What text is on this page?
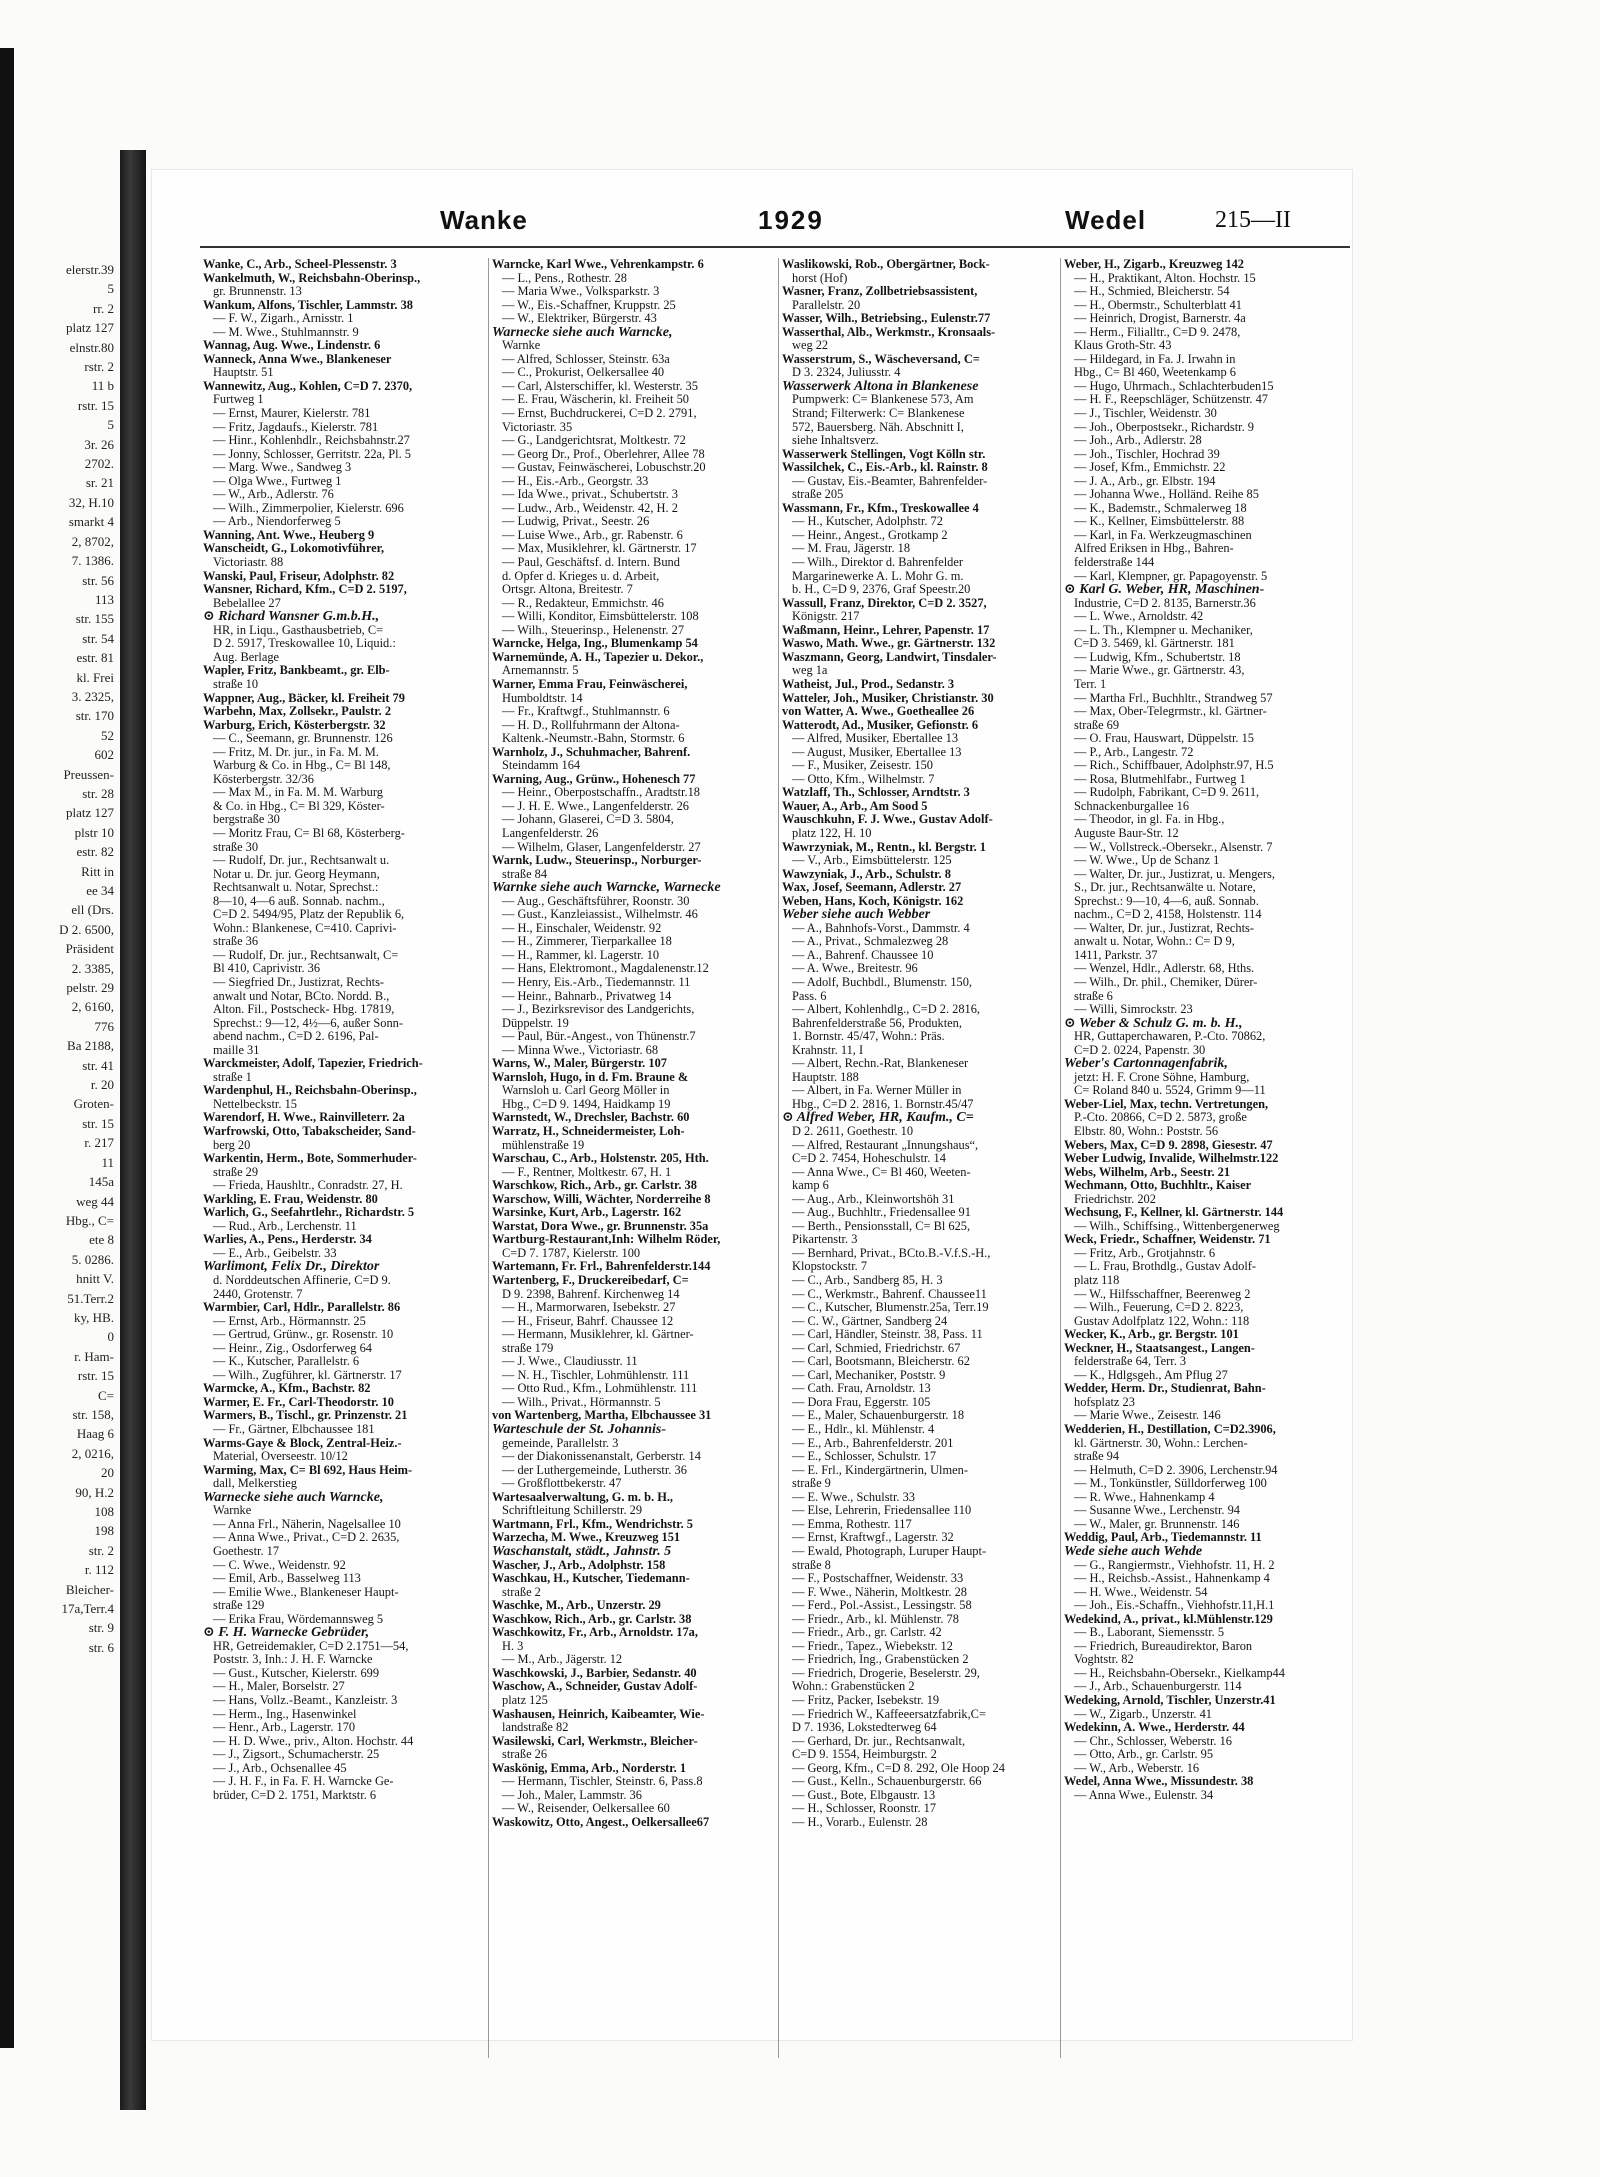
elerstr.39
5
rr. 2
platz 127
elnstr.80
rstr. 2
11 b
rstr. 15
5
3r. 26
2702.
sr. 21
32, H.10
smarkt 4
2, 8702,
7. 1386.
str. 56
113
str. 155
str. 54
estr. 81
kl. Frei
3. 2325,
str. 170
52
602
Preussen-
str. 28
platz 127
plstr 10
estr. 82
Ritt in
ee 34
ell (Drs.
D 2. 6500,
Präsident
2. 3385,
pelstr. 29
2, 6160,
776
Ba 2188,
str. 41
r. 20
Groten-
str. 15
r. 217
11
145a
weg 44
Hbg., C=
ete 8
5. 0286.
hnitt V.
51.Terr.2
ky, HB.
0
r. Ham-
rstr. 15
C=
str. 158,
Haag 6
2, 0216,
20
90, H.2
108
198
str. 2
r. 112
Bleicher-
17a,Terr.4
str. 9
str. 6
Wanke	1929	Wedel	215—II
Wanke, C., Arb., Scheel-Plessenstr. 3
Wankelmuth, W., Reichsbahn-Oberinsp.,
gr. Brunnenstr. 13
Wankum, Alfons, Tischler, Lammstr. 38
— F. W., Zigarh., Arnisstr. 1
— M. Wwe., Stuhlmannstr. 9
Wannag, Aug. Wwe., Lindenstr. 6
Wanneck, Anna Wwe., Blankeneser
Hauptstr. 51
Wannewitz, Aug., Kohlen, C=D 7. 2370,
Furtweg 1
— Ernst, Maurer, Kielerstr. 781
— Fritz, Jagdaufs., Kielerstr. 781
— Hinr., Kohlenhdlr., Reichsbahnstr.27
— Jonny, Schlosser, Gerritstr. 22a, Pl. 5
— Marg. Wwe., Sandweg 3
— Olga Wwe., Furtweg 1
— W., Arb., Adlerstr. 76
— Wilh., Zimmerpolier, Kielerstr. 696
— Arb., Niendorferweg 5
Wanning, Ant. Wwe., Heuberg 9
Wanscheidt, G., Lokomotivführer,
Victoriastr. 88
Wanski, Paul, Friseur, Adolphstr. 82
Wansner, Richard, Kfm., C=D 2. 5197,
Bebelallee 27
⊙ Richard Wansner G.m.b.H.,
HR, in Liqu., Gasthausbetrieb, C=
D 2. 5917, Treskowallee 10, Liquid.:
Aug. Berlage
Wapler, Fritz, Bankbeamt., gr. Elb-
straße 10
Wappner, Aug., Bäcker, kl. Freiheit 79
Warbehn, Max, Zollsekr., Paulstr. 2
Warburg, Erich, Kösterbergstr. 32
— C., Seemann, gr. Brunnenstr. 126
— Fritz, M. Dr. jur., in Fa. M. M.
Warburg & Co. in Hbg., C= Bl 148,
Kösterbergstr. 32/36
— Max M., in Fa. M. M. Warburg
& Co. in Hbg., C= Bl 329, Köster-
bergstraße 30
— Moritz Frau, C= Bl 68, Kösterberg-
straße 30
— Rudolf, Dr. jur., Rechtsanwalt u.
Notar u. Dr. jur. Georg Heymann,
Rechtsanwalt u. Notar, Sprechst.:
8—10, 4—6 auß. Sonnab. nachm.,
C=D 2. 5494/95, Platz der Republik 6,
Wohn.: Blankenese, C=410. Caprivi-
straße 36
— Rudolf, Dr. jur., Rechtsanwalt, C=
Bl 410, Caprivistr. 36
— Siegfried Dr., Justizrat, Rechts-
anwalt und Notar, BCto. Nordd. B.,
Alton. Fil., Postscheck- Hbg. 17819,
Sprechst.: 9—12, 4½—6, außer Sonn-
abend nachm., C=D 2. 6196, Pal-
maille 31
Warckmeister, Adolf, Tapezier, Friedrich-
straße 1
Wardenphul, H., Reichsbahn-Oberinsp.,
Nettelbeckstr. 15
Warendorf, H. Wwe., Rainvilleterr. 2a
Warfrowski, Otto, Tabakscheider, Sand-
berg 20
Warkentin, Herm., Bote, Sommerhuder-
straße 29
— Frieda, Haushltr., Conradstr. 27, H.
Warkling, E. Frau, Weidenstr. 80
Warlich, G., Seefahrtlehr., Richardstr. 5
— Rud., Arb., Lerchenstr. 11
Warlies, A., Pens., Herderstr. 34
— E., Arb., Geibelstr. 33
Warlimont, Felix Dr., Direktor
d. Norddeutschen Affinerie, C=D 9.
2440, Grotenstr. 7
Warmbier, Carl, Hdlr., Parallelstr. 86
— Ernst, Arb., Hörmannstr. 25
— Gertrud, Grünw., gr. Rosenstr. 10
— Heinr., Zig., Osdorferweg 64
— K., Kutscher, Parallelstr. 6
— Wilh., Zugführer, kl. Gärtnerstr. 17
Warmcke, A., Kfm., Bachstr. 82
Warmer, E. Fr., Carl-Theodorstr. 10
Warmers, B., Tischl., gr. Prinzenstr. 21
— Fr., Gärtner, Elbchaussee 181
Warms-Gaye & Block, Zentral-Heiz.-
Material, Overseestr. 10/12
Warming, Max, C= Bl 692, Haus Heim-
dall, Melkerstieg
Warnecke siehe auch Warncke,
Warnke
— Anna Frl., Näherin, Nagelsallee 10
— Anna Wwe., Privat., C=D 2. 2635,
Goethestr. 17
— C. Wwe., Weidenstr. 92
— Emil, Arb., Basselweg 113
— Emilie Wwe., Blankeneser Haupt-
straße 129
— Erika Frau, Wördemannsweg 5
⊙ F. H. Warnecke Gebrüder,
HR, Getreidemakler, C=D 2.1751—54,
Poststr. 3, Inh.: J. H. F. Warncke
— Gust., Kutscher, Kielerstr. 699
— H., Maler, Borselstr. 27
— Hans, Vollz.-Beamt., Kanzleistr. 3
— Herm., Ing., Hasenwinkel
— Henr., Arb., Lagerstr. 170
— H. D. Wwe., priv., Alton. Hochstr. 44
— J., Zigsort., Schumacherstr. 25
— J., Arb., Ochsenallee 45
— J. H. F., in Fa. F. H. Warncke Ge-
brüder, C=D 2. 1751, Marktstr. 6
Warncke, Karl Wwe., Vehrenkampstr. 6
— L., Pens., Rothestr. 28
— Maria Wwe., Volksparkstr. 3
— W., Eis.-Schaffner, Kruppstr. 25
— W., Elektriker, Bürgerstr. 43
Warnecke siehe auch Warncke,
Warnke
— Alfred, Schlosser, Steinstr. 63a
— C., Prokurist, Oelkersallee 40
— Carl, Alsterschiffer, kl. Westerstr. 35
— E. Frau, Wäscherin, kl. Freiheit 50
— Ernst, Buchdruckerei, C=D 2. 2791,
Victoriastr. 35
— G., Landgerichtsrat, Moltkestr. 72
— Georg Dr., Prof., Oberlehrer, Allee 78
— Gustav, Feinwäscherei, Lobuschstr.20
— H., Eis.-Arb., Georgstr. 33
— Ida Wwe., privat., Schubertstr. 3
— Ludw., Arb., Weidenstr. 42, H. 2
— Ludwig, Privat., Seestr. 26
— Luise Wwe., Arb., gr. Rabenstr. 6
— Max, Musiklehrer, kl. Gärtnerstr. 17
— Paul, Geschäftsf. d. Intern. Bund
d. Opfer d. Krieges u. d. Arbeit,
Ortsgr. Altona, Breitestr. 7
— R., Redakteur, Emmichstr. 46
— Willi, Konditor, Eimsbüttelerstr. 108
— Wilh., Steuerinsp., Helenenstr. 27
Warncke, Helga, Ing., Blumenkamp 54
Warnemünde, A. H., Tapezier u. Dekor.,
Arnemannstr. 5
Warner, Emma Frau, Feinwäscherei,
Humboldtstr. 14
— Fr., Kraftwgf., Stuhlmannstr. 6
— H. D., Rollfuhrmann der Altona-
Kaltenk.-Neumstr.-Bahn, Stormstr. 6
Warnholz, J., Schuhmacher, Bahrenf.
Steindamm 164
Warning, Aug., Grünw., Hohenesch 77
— Heinr., Oberpostschaffn., Aradtstr.18
— J. H. E. Wwe., Langenfelderstr. 26
— Johann, Glaserei, C=D 3. 5804,
Langenfelderstr. 26
— Wilhelm, Glaser, Langenfelderstr. 27
Warnk, Ludw., Steuerinsp., Norburger-
straße 84
Warnke siehe auch Warncke, Warnecke
— Aug., Geschäftsführer, Roonstr. 30
— Gust., Kanzleiassist., Wilhelmstr. 46
— H., Einschaler, Weidenstr. 92
— H., Zimmerer, Tierparkallee 18
— H., Rammer, kl. Lagerstr. 10
— Hans, Elektromont., Magdalenenstr.12
— Henry, Eis.-Arb., Tiedemannstr. 11
— Heinr., Bahnarb., Privatweg 14
— J., Bezirksrevisor des Landgerichts,
Düppelstr. 19
— Paul, Bür.-Angest., von Thünenstr.7
— Minna Wwe., Victoriastr. 68
Warns, W., Maler, Bürgerstr. 107
Warnsloh, Hugo, in d. Fm. Braune &
Warnsloh u. Carl Georg Möller in
Hbg., C=D 9. 1494, Haidkamp 19
Warnstedt, W., Drechsler, Bachstr. 60
Warratz, H., Schneidermeister, Loh-
mühlenstraße 19
Warschau, C., Arb., Holstenstr. 205, Hth.
— F., Rentner, Moltkestr. 67, H. 1
Warschkow, Rich., Arb., gr. Carlstr. 38
Warschow, Willi, Wächter, Norderreihe 8
Warsinke, Kurt, Arb., Lagerstr. 162
Warstat, Dora Wwe., gr. Brunnenstr. 35a
Wartburg-Restaurant,Inh: Wilhelm Röder,
C=D 7. 1787, Kielerstr. 100
Wartemann, Fr. Frl., Bahrenfelderstr.144
Wartenberg, F., Druckereibedarf, C=
D 9. 2398, Bahrenf. Kirchenweg 14
— H., Marmorwaren, Isebekstr. 27
— H., Friseur, Bahrf. Chaussee 12
— Hermann, Musiklehrer, kl. Gärtner-
straße 179
— J. Wwe., Claudiusstr. 11
— N. H., Tischler, Lohmühlenstr. 111
— Otto Rud., Kfm., Lohmühlenstr. 111
— Wilh., Privat., Hörmannstr. 5
von Wartenberg, Martha, Elbchaussee 31
Warteschule der St. Johannis-
gemeinde, Parallelstr. 3
— der Diakonissenanstalt, Gerberstr. 14
— der Luthergemeinde, Lutherstr. 36
— Großflottbekerstr. 47
Wartesaalverwaltung, G. m. b. H.,
Schriftleitung Schillerstr. 29
Wartmann, Frl., Kfm., Wendrichstr. 5
Warzecha, M. Wwe., Kreuzweg 151
Waschanstalt, städt., Jahnstr. 5
Wascher, J., Arb., Adolphstr. 158
Waschkau, H., Kutscher, Tiedemann-
straße 2
Waschke, M., Arb., Unzerstr. 29
Waschkow, Rich., Arb., gr. Carlstr. 38
Waschkowitz, Fr., Arb., Arnoldstr. 17a,
H. 3
— M., Arb., Jägerstr. 12
Waschkowski, J., Barbier, Sedanstr. 40
Waschow, A., Schneider, Gustav Adolf-
platz 125
Washausen, Heinrich, Kaibeamter, Wie-
landstraße 82
Wasilewski, Carl, Werkmstr., Bleicher-
straße 26
Waskönig, Emma, Arb., Norderstr. 1
— Hermann, Tischler, Steinstr. 6, Pass.8
— Joh., Maler, Lammstr. 36
— W., Reisender, Oelkersallee 60
Waskowitz, Otto, Angest., Oelkersallee67
Waslikowski, Rob., Obergärtner, Bock-
horst (Hof)
Wasner, Franz, Zollbetriebsassistent,
Parallelstr. 20
Wasser, Wilh., Betriebsing., Eulenstr.77
Wasserthal, Alb., Werkmstr., Kronsaals-
weg 22
Wasserstrum, S., Wäscheversand, C=
D 3. 2324, Juliusstr. 4
Wasserwerk Altona in Blankenese
Pumpwerk: C= Blankenese 573, Am
Strand; Filterwerk: C= Blankenese
572, Bauersberg. Näh. Abschnitt I,
siehe Inhaltsverz.
Wasserwerk Stellingen, Vogt Kölln str.
Wassilchek, C., Eis.-Arb., kl. Rainstr. 8
— Gustav, Eis.-Beamter, Bahrenfelder-
straße 205
Wassmann, Fr., Kfm., Treskowallee 4
— H., Kutscher, Adolphstr. 72
— Heinr., Angest., Grotkamp 2
— M. Frau, Jägerstr. 18
— Wilh., Direktor d. Bahrenfelder
Margarinewerke A. L. Mohr G. m.
b. H., C=D 9, 2376, Graf Speestr.20
Wassull, Franz, Direktor, C=D 2. 3527,
Königstr. 217
Waßmann, Heinr., Lehrer, Papenstr. 17
Waswo, Math. Wwe., gr. Gärtnerstr. 132
Waszmann, Georg, Landwirt, Tinsdaler-
weg 1a
Watheist, Jul., Prod., Sedanstr. 3
Watteler, Joh., Musiker, Christianstr. 30
von Watter, A. Wwe., Goetheallee 26
Watterodt, Ad., Musiker, Gefionstr. 6
— Alfred, Musiker, Ebertallee 13
— August, Musiker, Ebertallee 13
— F., Musiker, Zeisestr. 150
— Otto, Kfm., Wilhelmstr. 7
Watzlaff, Th., Schlosser, Arndtstr. 3
Wauer, A., Arb., Am Sood 5
Wauschkuhn, F. J. Wwe., Gustav Adolf-
platz 122, H. 10
Wawrzyniak, M., Rentn., kl. Bergstr. 1
— V., Arb., Eimsbüttelerstr. 125
Wawzyniak, J., Arb., Schulstr. 8
Wax, Josef, Seemann, Adlerstr. 27
Weben, Hans, Koch, Königstr. 162
Weber siehe auch Webber
— A., Bahnhofs-Vorst., Dammstr. 4
— A., Privat., Schmalezweg 28
— A., Bahrenf. Chaussee 10
— A. Wwe., Breitestr. 96
— Adolf, Buchbdl., Blumenstr. 150,
Pass. 6
— Albert, Kohlenhdlg., C=D 2. 2816,
Bahrenfelderstraße 56, Produkten,
1. Bornstr. 45/47, Wohn.: Präs.
Krahnstr. 11, I
— Albert, Rechn.-Rat, Blankeneser
Hauptstr. 188
— Albert, in Fa. Werner Müller in
Hbg., C=D 2. 2816, 1. Bornstr.45/47
⊙ Alfred Weber, HR, Kaufm., C=
D 2. 2611, Goethestr. 10
— Alfred, Restaurant „Innungshaus“,
C=D 2. 7454, Hoheschulstr. 14
— Anna Wwe., C= Bl 460, Weeten-
kamp 6
— Aug., Arb., Kleinwortshöh 31
— Aug., Buchhltr., Friedensallee 91
— Berth., Pensionsstall, C= Bl 625,
Pikartenstr. 3
— Bernhard, Privat., BCto.B.-V.f.S.-H.,
Klopstockstr. 7
— C., Arb., Sandberg 85, H. 3
— C., Werkmstr., Bahrenf. Chaussee11
— C., Kutscher, Blumenstr.25a, Terr.19
— C. W., Gärtner, Sandberg 24
— Carl, Händler, Steinstr. 38, Pass. 11
— Carl, Schmied, Friedrichstr. 67
— Carl, Bootsmann, Bleicherstr. 62
— Carl, Mechaniker, Poststr. 9
— Cath. Frau, Arnoldstr. 13
— Dora Frau, Eggerstr. 105
— E., Maler, Schauenburgerstr. 18
— E., Hdlr., kl. Mühlenstr. 4
— E., Arb., Bahrenfelderstr. 201
— E., Schlosser, Schulstr. 17
— E. Frl., Kindergärtnerin, Ulmen-
straße 9
— E. Wwe., Schulstr. 33
— Else, Lehrerin, Friedensallee 110
— Emma, Rothestr. 117
— Ernst, Kraftwgf., Lagerstr. 32
— Ewald, Photograph, Luruper Haupt-
straße 8
— F., Postschaffner, Weidenstr. 33
— F. Wwe., Näherin, Moltkestr. 28
— Ferd., Pol.-Assist., Lessingstr. 58
— Friedr., Arb., kl. Mühlenstr. 78
— Friedr., Arb., gr. Carlstr. 42
— Friedr., Tapez., Wiebekstr. 12
— Friedrich, Ing., Grabenstücken 2
— Friedrich, Drogerie, Beselerstr. 29,
Wohn.: Grabenstücken 2
— Fritz, Packer, Isebekstr. 19
— Friedrich W., Kaffeeersatzfabrik,C=
D 7. 1936, Lokstedterweg 64
— Gerhard, Dr. jur., Rechtsanwalt,
C=D 9. 1554, Heimburgstr. 2
— Georg, Kfm., C=D 8. 292, Ole Hoop 24
— Gust., Kelln., Schauenburgerstr. 66
— Gust., Bote, Elbgaustr. 13
— H., Schlosser, Roonstr. 17
— H., Vorarb., Eulenstr. 28
Weber, H., Zigarb., Kreuzweg 142
— H., Praktikant, Alton. Hochstr. 15
— H., Schmied, Bleicherstr. 54
— H., Obermstr., Schulterblatt 41
— Heinrich, Drogist, Barnerstr. 4a
— Herm., Filialltr., C=D 9. 2478,
Klaus Groth-Str. 43
— Hildegard, in Fa. J. Irwahn in
Hbg., C= Bl 460, Weetenkamp 6
— Hugo, Uhrmach., Schlachterbuden15
— H. F., Reepschläger, Schützenstr. 47
— J., Tischler, Weidenstr. 30
— Joh., Oberpostsekr., Richardstr. 9
— Joh., Arb., Adlerstr. 28
— Joh., Tischler, Hochrad 39
— Josef, Kfm., Emmichstr. 22
— J. A., Arb., gr. Elbstr. 194
— Johanna Wwe., Holländ. Reihe 85
— K., Bademstr., Schmalerweg 18
— K., Kellner, Eimsbüttelerstr. 88
— Karl, in Fa. Werkzeugmaschinen
Alfred Eriksen in Hbg., Bahren-
felderstraße 144
— Karl, Klempner, gr. Papagoyenstr. 5
⊙ Karl G. Weber, HR, Maschinen-
Industrie, C=D 2. 8135, Barnerstr.36
— L. Wwe., Arnoldstr. 42
— L. Th., Klempner u. Mechaniker,
C=D 3. 5469, kl. Gärtnerstr. 181
— Ludwig, Kfm., Schubertstr. 18
— Marie Wwe., gr. Gärtnerstr. 43,
Terr. 1
— Martha Frl., Buchhltr., Strandweg 57
— Max, Ober-Telegrmstr., kl. Gärtner-
straße 69
— O. Frau, Hauswart, Düppelstr. 15
— P., Arb., Langestr. 72
— Rich., Schiffbauer, Adolphstr.97, H.5
— Rosa, Blutmehlfabr., Furtweg 1
— Rudolph, Fabrikant, C=D 9. 2611,
Schnackenburgallee 16
— Theodor, in gl. Fa. in Hbg.,
Auguste Baur-Str. 12
— W., Vollstreck.-Obersekr., Alsenstr. 7
— W. Wwe., Up de Schanz 1
— Walter, Dr. jur., Justizrat, u. Mengers,
S., Dr. jur., Rechtsanwälte u. Notare,
Sprechst.: 9—10, 4—6, auß. Sonnab.
nachm., C=D 2, 4158, Holstenstr. 114
— Walter, Dr. jur., Justizrat, Rechts-
anwalt u. Notar, Wohn.: C= D 9,
1411, Parkstr. 37
— Wenzel, Hdlr., Adlerstr. 68, Hths.
— Wilh., Dr. phil., Chemiker, Dürer-
straße 6
— Willi, Simrockstr. 23
⊙ Weber & Schulz G. m. b. H.,
HR, Guttaperchawaren, P.-Cto. 70862,
C=D 2. 0224, Papenstr. 30
Weber's Cartonnagenfabrik,
jetzt: H. F. Crone Söhne, Hamburg,
C= Roland 840 u. 5524, Grimm 9—11
Weber-Liel, Max, techn. Vertretungen,
P.-Cto. 20866, C=D 2. 5873, große
Elbstr. 80, Wohn.: Poststr. 56
Webers, Max, C=D 9. 2898, Giesestr. 47
Weber Ludwig, Invalide, Wilhelmstr.122
Webs, Wilhelm, Arb., Seestr. 21
Wechmann, Otto, Buchhltr., Kaiser
Friedrichstr. 202
Wechsung, F., Kellner, kl. Gärtnerstr. 144
— Wilh., Schiffsing., Wittenbergenerweg
Weck, Friedr., Schaffner, Weidenstr. 71
— Fritz, Arb., Grotjahnstr. 6
— L. Frau, Brothdlg., Gustav Adolf-
platz 118
— W., Hilfsschaffner, Beerenweg 2
— Wilh., Feuerung, C=D 2. 8223,
Gustav Adolfplatz 122, Wohn.: 118
Wecker, K., Arb., gr. Bergstr. 101
Weckner, H., Staatsangest., Langen-
felderstraße 64, Terr. 3
— K., Hdlgsgeh., Am Pflug 27
Wedder, Herm. Dr., Studienrat, Bahn-
hofsplatz 23
— Marie Wwe., Zeisestr. 146
Wedderien, H., Destillation, C=D2.3906,
kl. Gärtnerstr. 30, Wohn.: Lerchen-
straße 94
— Helmuth, C=D 2. 3906, Lerchenstr.94
— M., Tonkünstler, Sülldorferweg 100
— R. Wwe., Hahnenkamp 4
— Susanne Wwe., Lerchenstr. 94
— W., Maler, gr. Brunnenstr. 146
Weddig, Paul, Arb., Tiedemannstr. 11
Wede siehe auch Wehde
— G., Rangiermstr., Viehhofstr. 11, H. 2
— H., Reichsb.-Assist., Hahnenkamp 4
— H. Wwe., Weidenstr. 54
— Joh., Eis.-Schaffn., Viehhofstr.11,H.1
Wedekind, A., privat., kl.Mühlenstr.129
— B., Laborant, Siemensstr. 5
— Friedrich, Bureaudirektor, Baron
Voghtstr. 82
— H., Reichsbahn-Obersekr., Kielkamp44
— J., Arb., Schauenburgerstr. 114
Wedeking, Arnold, Tischler, Unzerstr.41
— W., Zigarb., Unzerstr. 41
Wedekinn, A. Wwe., Herderstr. 44
— Chr., Schlosser, Weberstr. 16
— Otto, Arb., gr. Carlstr. 95
— W., Arb., Weberstr. 16
Wedel, Anna Wwe., Missundestr. 38
— Anna Wwe., Eulenstr. 34
